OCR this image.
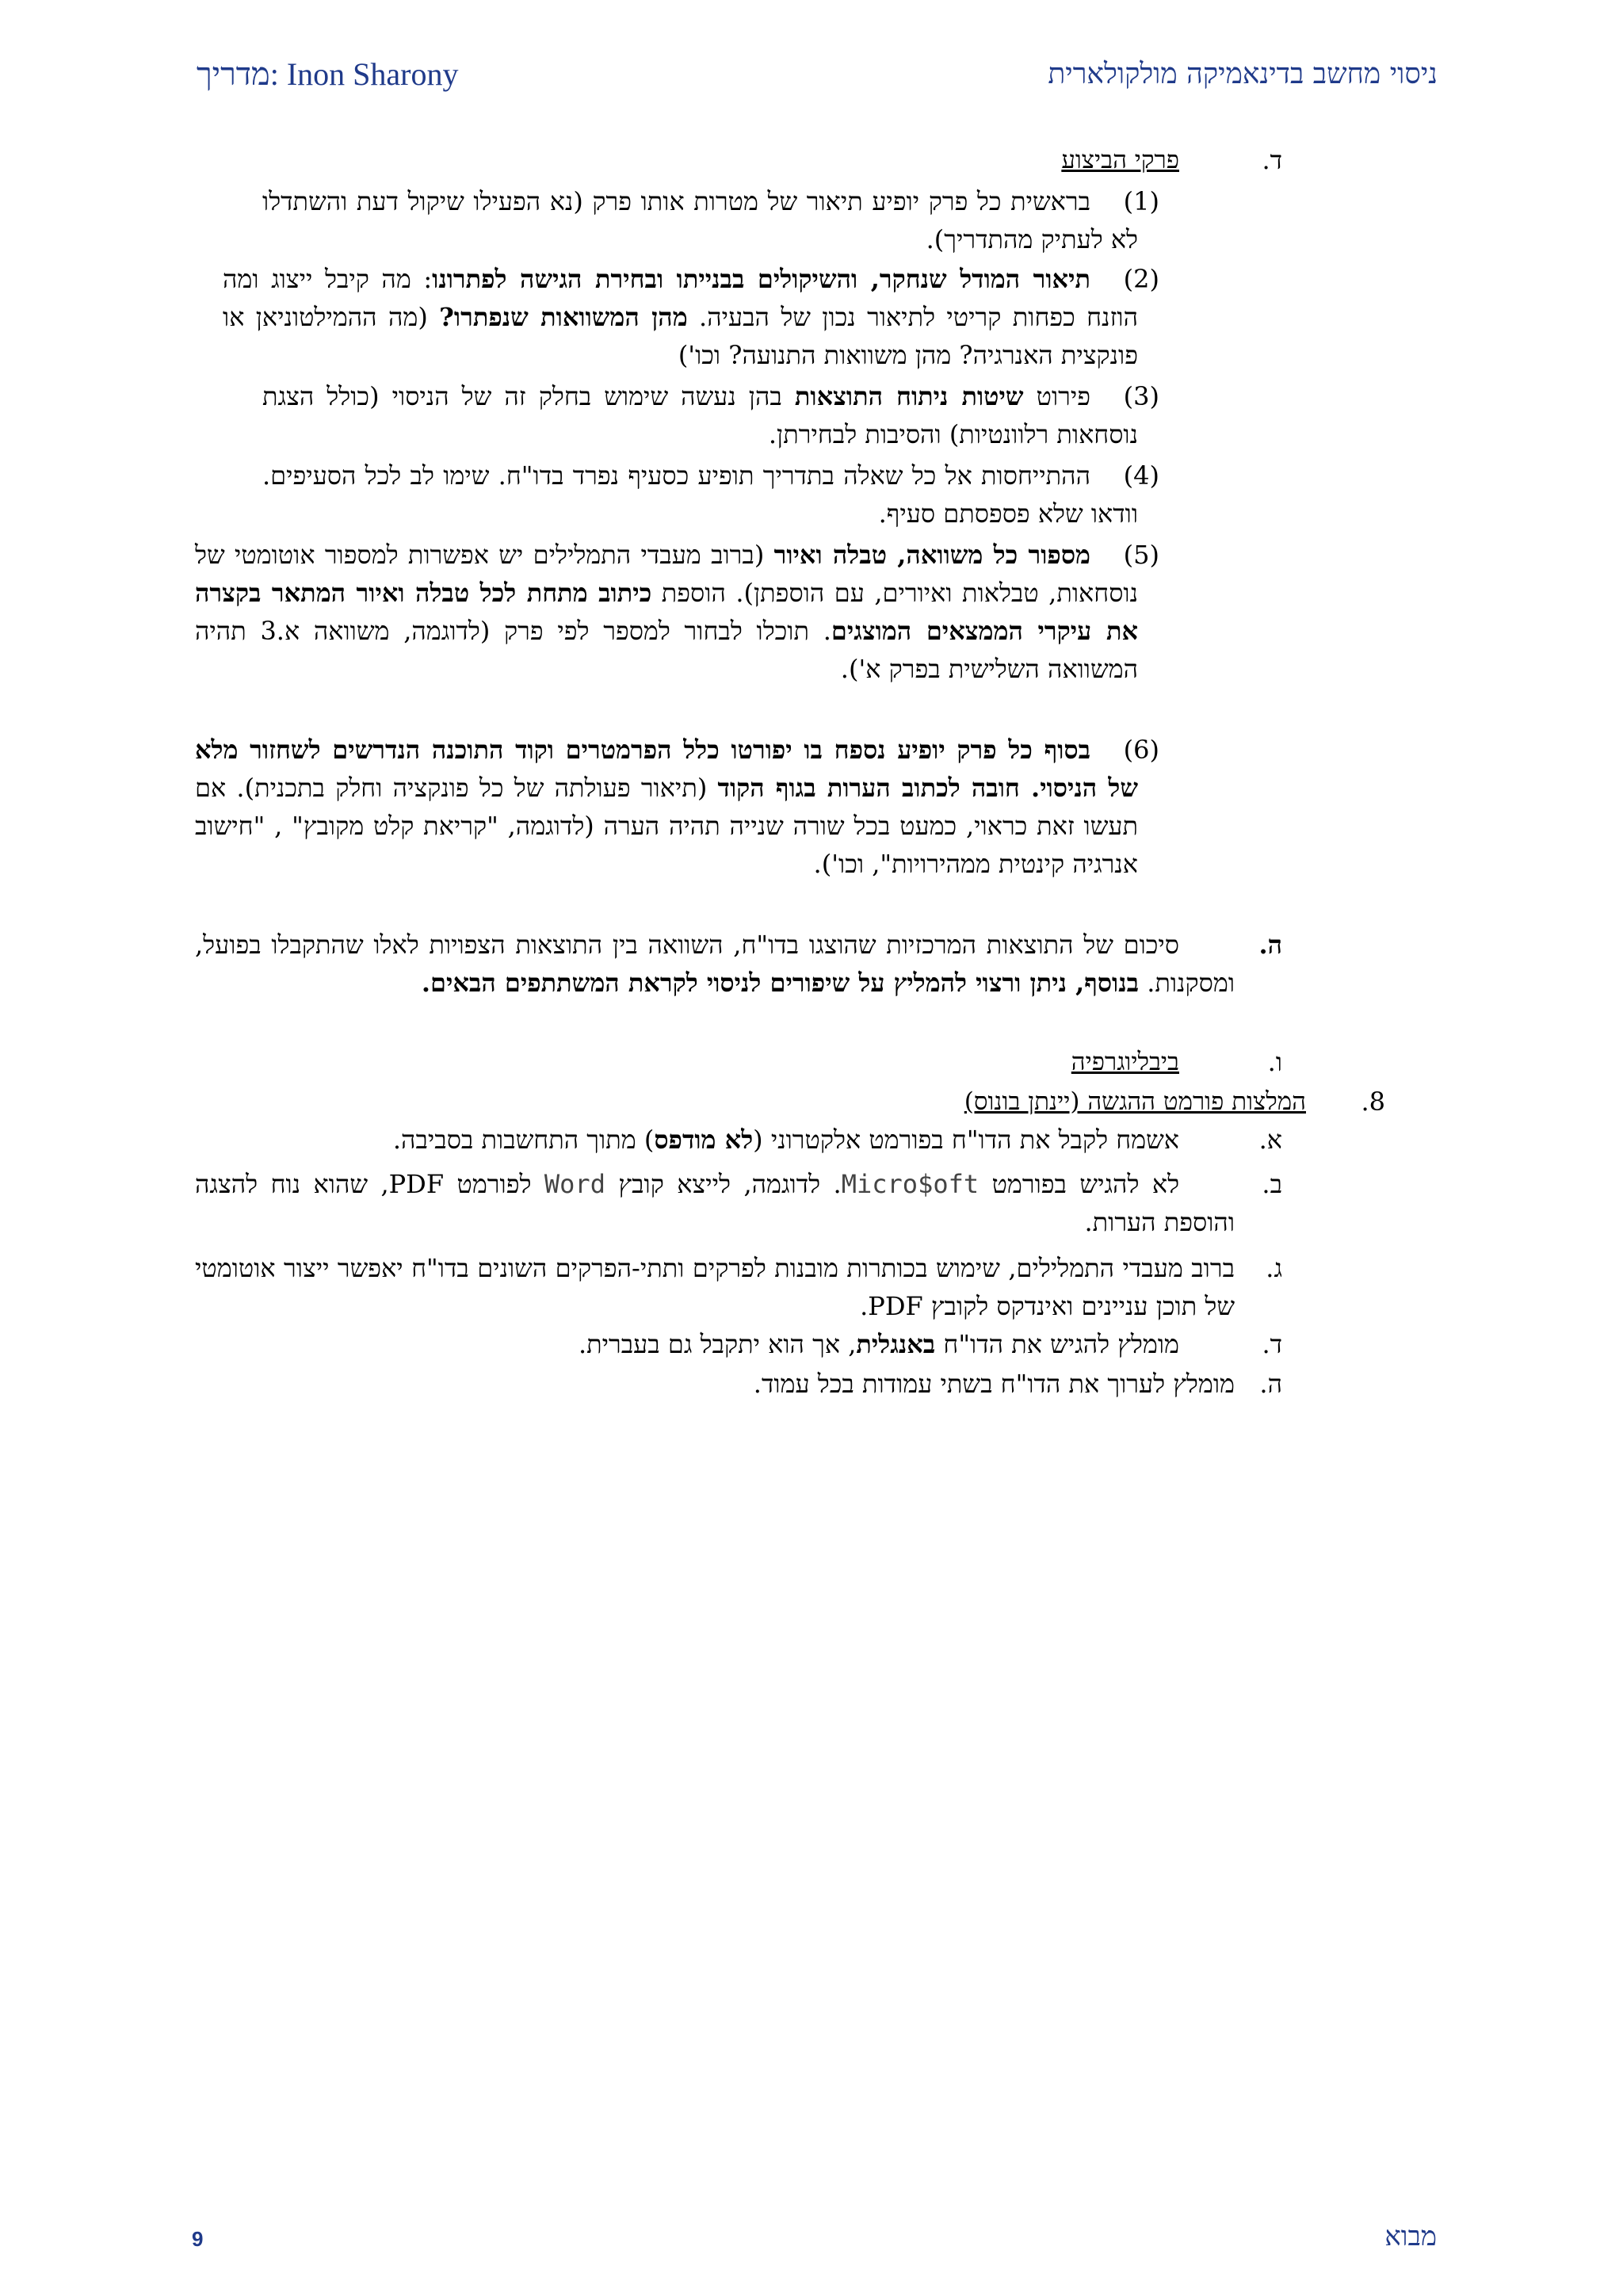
ניסוי מחשב בדינאמיקה מולקולארית
Inon Sharony :מדריך
ד.
פרקי הביצוע
(1)
בראשית כל פרק יופיע תיאור של מטרות אותו פרק (נא הפעילו שיקול דעת והשתדלו לא לעתיק מהתדריך).
(2)
תיאור המודל שנחקר, והשיקולים בבנייתו ובחירת הגישה לפתרונו: מה קיבל ייצוג ומה הוזנח כפחות קריטי לתיאור נכון של הבעיה. מהן המשוואות שנפתרו? (מה ההמילטוניאן או פונקצית האנרגיה? מהן משוואות התנועה? וכו')
(3)
פירוט שיטות ניתוח התוצאות בהן נעשה שימוש בחלק זה של הניסוי (כולל הצגת נוסחאות רלוונטיות) והסיבות לבחירתן.
(4)
ההתייחסות אל כל שאלה בתדריך תופיע כסעיף נפרד בדו"ח. שימו לב לכל הסעיפים. וודאו שלא פספסתם סעיף.
(5)
מספור כל משוואה, טבלה ואיור (ברוב מעבדי התמלילים יש אפשרות למספור אוטומטי של נוסחאות, טבלאות ואיורים, עם הוספתן). הוספת כיתוב מתחת לכל טבלה ואיור המתאר בקצרה את עיקרי הממצאים המוצגים. תוכלו לבחור למספר לפי פרק (לדוגמה, משוואה א.3 תהיה המשוואה השלישית בפרק א').
(6)
בסוף כל פרק יופיע נספח בו יפורטו כלל הפרמטרים וקוד התוכנה הנדרשים לשחזור מלא של הניסוי. חובה לכתוב הערות בגוף הקוד (תיאור פעולתה של כל פונקציה וחלק בתכנית). אם תעשו זאת כראוי, כמעט בכל שורה שנייה תהיה הערה (לדוגמה, "קריאת קלט מקובץ" , "חישוב אנרגיה קינטית ממהירויות", וכו').
ה.
סיכום של התוצאות המרכזיות שהוצגו בדו"ח, השוואה בין התוצאות הצפויות לאלו שהתקבלו בפועל, ומסקנות. בנוסף, ניתן ורצוי להמליץ על שיפורים לניסוי לקראת המשתתפים הבאים.
ו.
ביבליוגרפיה
8.
המלצות פורמט ההגשה (יינתן בונוס)
א.
אשמח לקבל את הדו"ח בפורמט אלקטרוני (לא מודפס) מתוך התחשבות בסביבה.
ב.
לא להגיש בפורמט Micro$oft. לדוגמה, לייצא קובץ Word לפורמט PDF, שהוא נוח להצגה והוספת הערות.
ג.
ברוב מעבדי התמלילים, שימוש בכותרות מובנות לפרקים ותתי-הפרקים השונים בדו"ח יאפשר ייצור אוטומטי של תוכן עניינים ואינדקס לקובץ PDF.
ד.
מומלץ להגיש את הדו"ח באנגלית, אך הוא יתקבל גם בעברית.
ה.
מומלץ לערוך את הדו"ח בשתי עמודות בכל עמוד.
מבוא
9
